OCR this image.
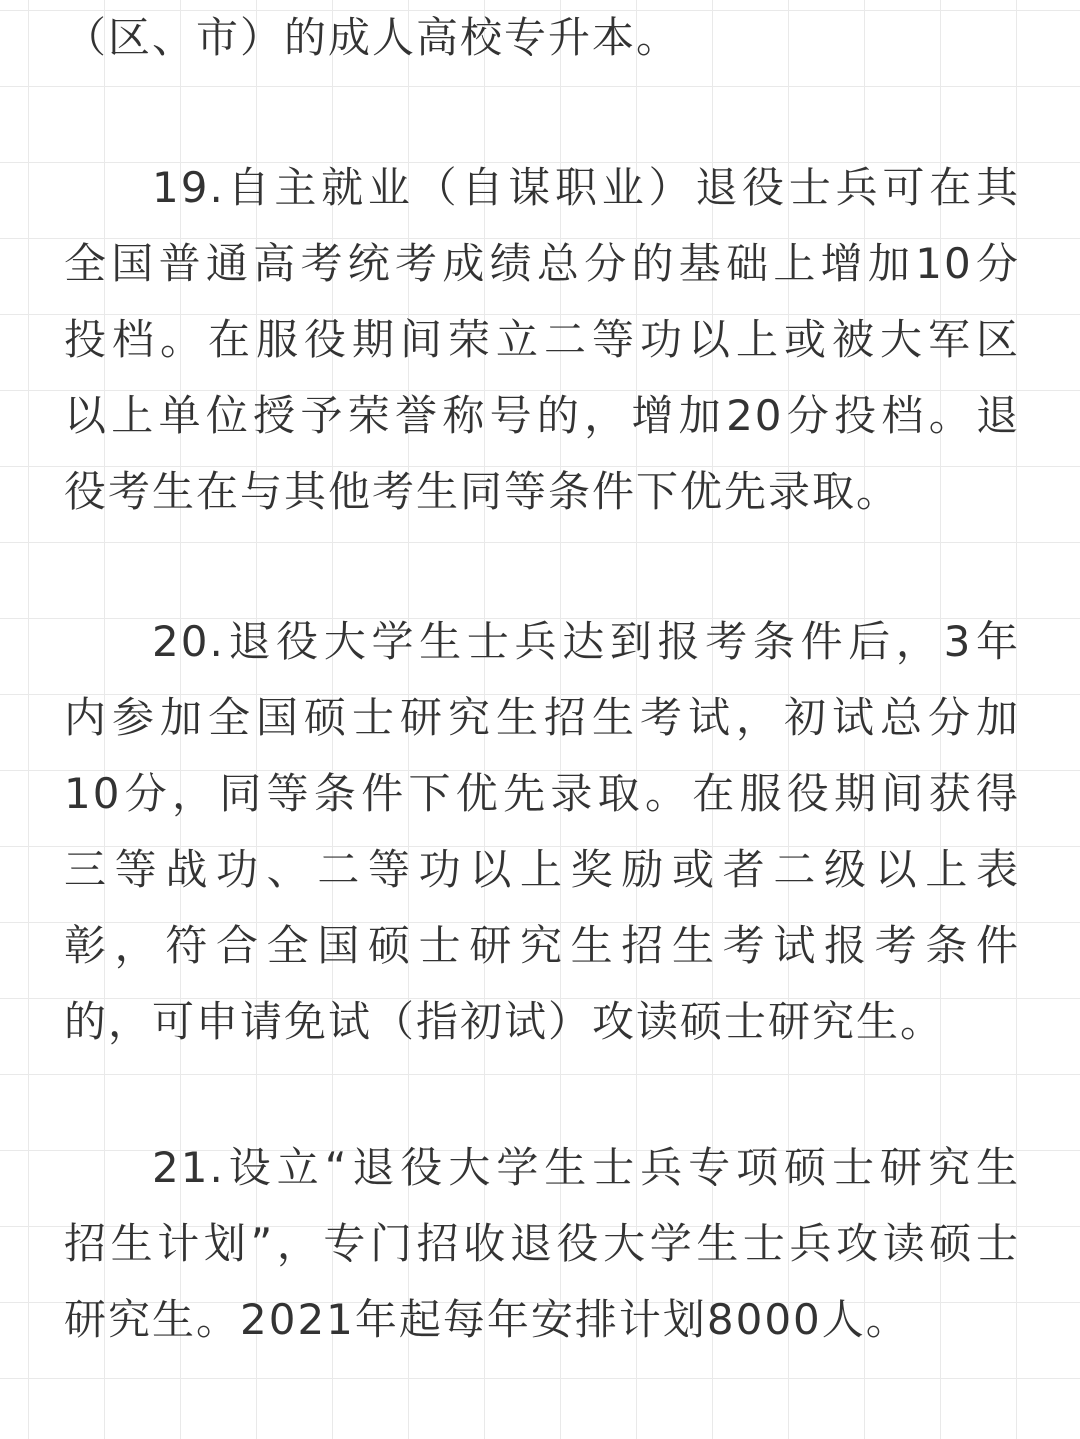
（区、市）的成人高校专升本。

19.自主就业（自谋职业）退役士兵可在其
全国普通高考统考成绩总分的基础上增加10分
投档。在服役期间荣立二等功以上或被大军区
以上单位授予荣誉称号的，增加20分投档。退
役考生在与其他考生同等条件下优先录取。

20.退役大学生士兵达到报考条件后，3年
内参加全国硕士研究生招生考试，初试总分加
10分，同等条件下优先录取。在服役期间获得
三等战功、二等功以上奖励或者二级以上表
彰，符合全国硕士研究生招生考试报考条件
的，可申请免试（指初试）攻读硕士研究生。

21.设立“退役大学生士兵专项硕士研究生
招生计划”，专门招收退役大学生士兵攻读硕士
研究生。2021年起每年安排计划8000人。
